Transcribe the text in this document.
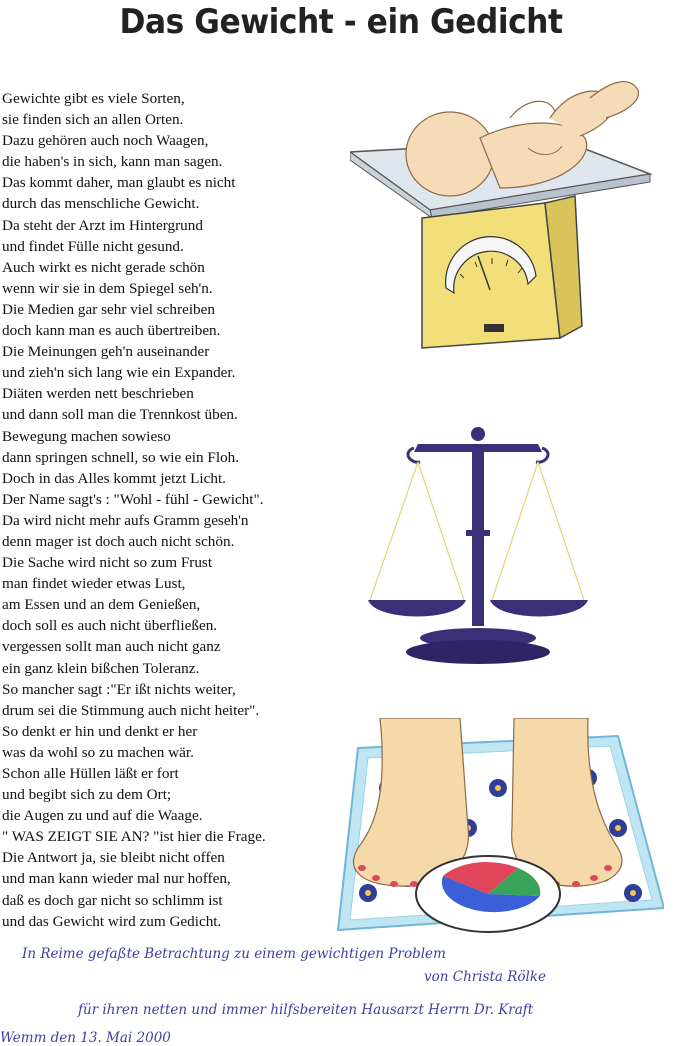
Das Gewicht - ein Gedicht
Gewichte gibt es viele Sorten,
sie finden sich an allen Orten.
Dazu gehören auch noch Waagen,
die haben's in sich, kann man sagen.
Das kommt daher, man glaubt es nicht
durch das menschliche Gewicht.
Da steht der Arzt im Hintergrund
und findet Fülle nicht gesund.
Auch wirkt es nicht gerade schön
wenn wir sie in dem Spiegel seh'n.
Die Medien gar sehr viel schreiben
doch kann man es auch übertreiben.
Die Meinungen geh'n auseinander
und zieh'n sich lang wie ein Expander.
Diäten werden nett beschrieben
und dann soll man die Trennkost üben.
Bewegung machen sowieso
dann springen schnell, so wie ein Floh.
Doch in das Alles kommt jetzt Licht.
Der Name sagt's : "Wohl - fühl - Gewicht".
Da wird nicht mehr aufs Gramm geseh'n
denn mager ist doch auch nicht schön.
Die Sache wird nicht so zum Frust
man findet wieder etwas Lust,
am Essen und an dem Genießen,
doch soll es auch nicht überfließen.
vergessen sollt man auch nicht ganz
ein ganz klein bißchen Toleranz.
So mancher sagt :"Er ißt nichts weiter,
drum sei die Stimmung auch nicht heiter".
So denkt er hin und denkt er her
was da wohl so zu machen wär.
Schon alle Hüllen läßt er fort
und begibt sich zu dem Ort;
die Augen zu und auf die Waage.
" WAS ZEIGT SIE AN? "ist hier die Frage.
Die Antwort ja, sie bleibt nicht offen
und man kann wieder mal nur hoffen,
daß es doch gar nicht so schlimm ist
und das Gewicht wird zum Gedicht.
In Reime gefaßte Betrachtung zu einem gewichtigen Problem
von Christa Rölke
für ihren netten und immer hilfsbereiten Hausarzt Herrn Dr. Kraft
Wemm den 13. Mai 2000
